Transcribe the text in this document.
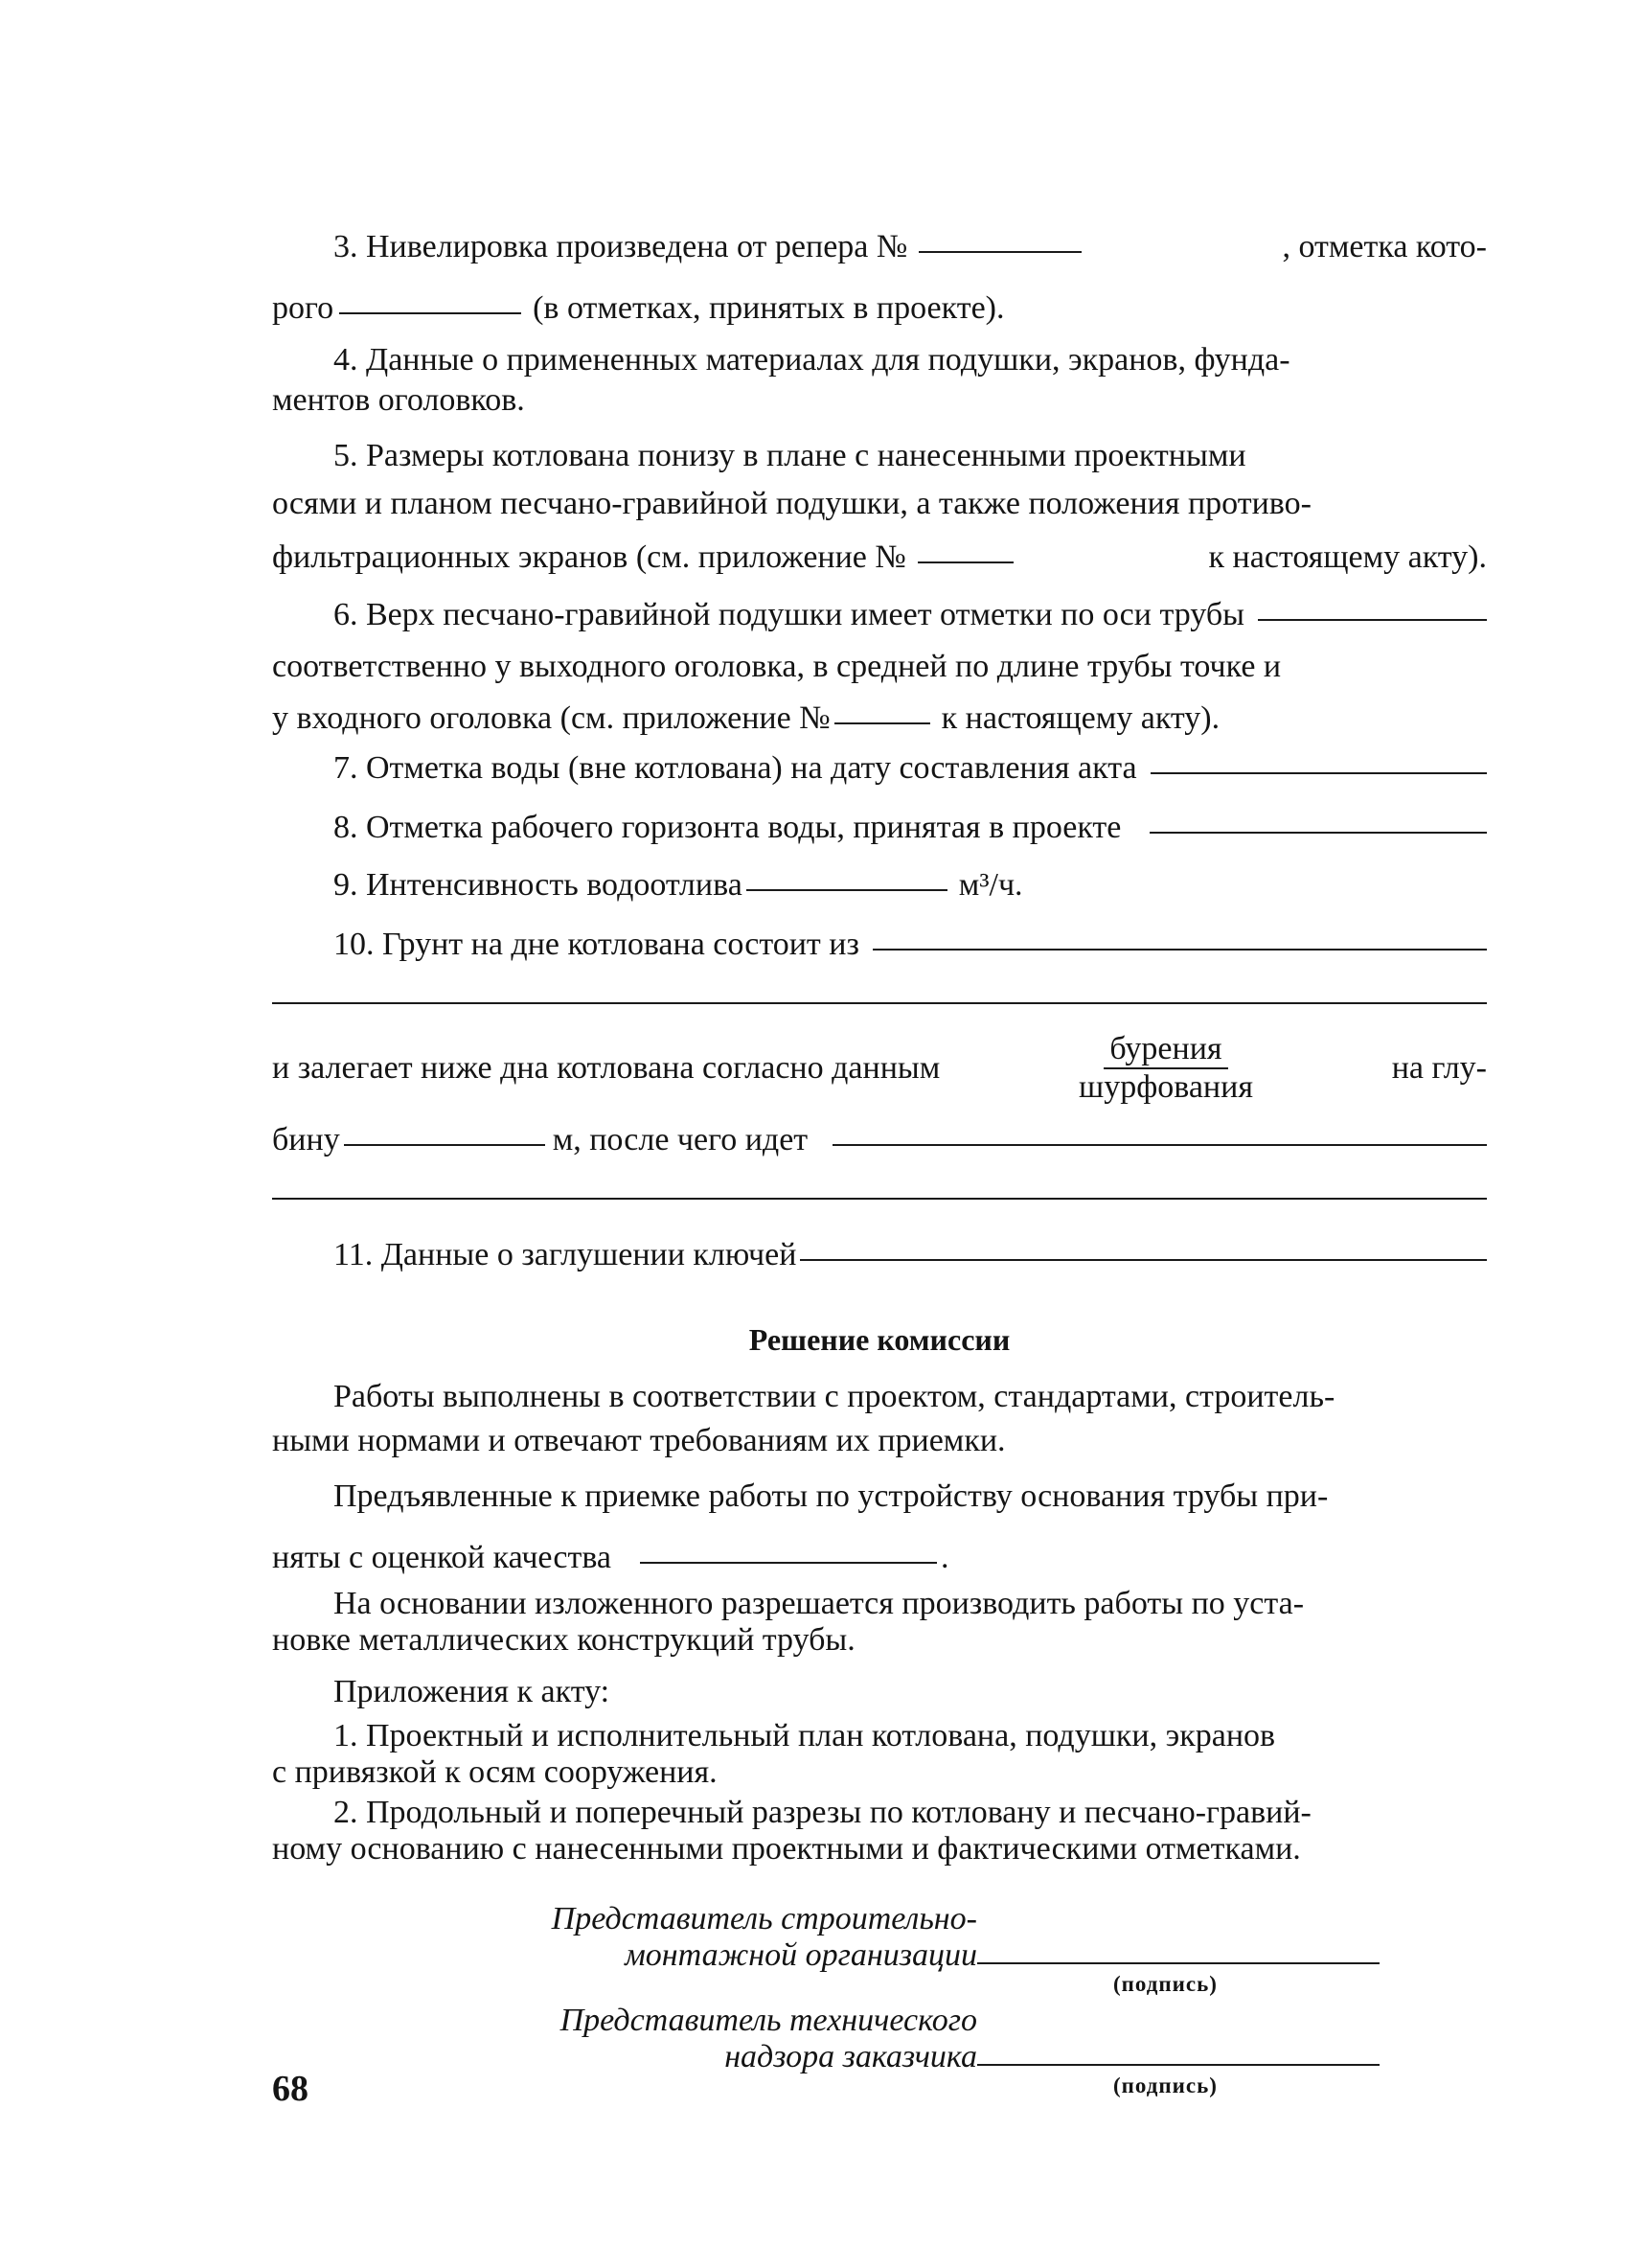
3. Нивелировка произведена от репера №	, отметка кото-
рого	(в отметках, принятых в проекте).
4. Данные о примененных материалах для подушки, экранов, фунда-
ментов оголовков.
5. Размеры котлована понизу в плане с нанесенными проектными
осями и планом песчано-гравийной подушки, а также положения противо-
фильтрационных экранов (см. приложение №	к настоящему акту).
6. Верх песчано-гравийной подушки имеет отметки по оси трубы
соответственно у выходного оголовка, в средней по длине трубы точке и
у входного оголовка (см. приложение №	к настоящему акту).
7. Отметка воды (вне котлована) на дату составления акта
8. Отметка рабочего горизонта воды, принятая в проекте
9. Интенсивность водоотлива	м³/ч.
10. Грунт на дне котлована состоит из
и залегает ниже дна котлована согласно данным	$\frac{\text{бурения}}{\text{шурфования}}$	на глу-
бину	м, после чего идет
11. Данные о заглушении ключей
Решение комиссии
Работы выполнены в соответствии с проектом, стандартами, строитель-
ными нормами и отвечают требованиям их приемки.
Предъявленные к приемке работы по устройству основания трубы при-
няты с оценкой качества	.
На основании изложенного разрешается производить работы по уста-
новке металлических конструкций трубы.
Приложения к акту:
1. Проектный и исполнительный план котлована, подушки, экранов
с привязкой к осям сооружения.
2. Продольный и поперечный разрезы по котловану и песчано-гравий-
ному основанию с нанесенными проектными и фактическими отметками.
Представитель строительно-
монтажной организации
(подпись)
Представитель технического
надзора заказчика
(подпись)
68
